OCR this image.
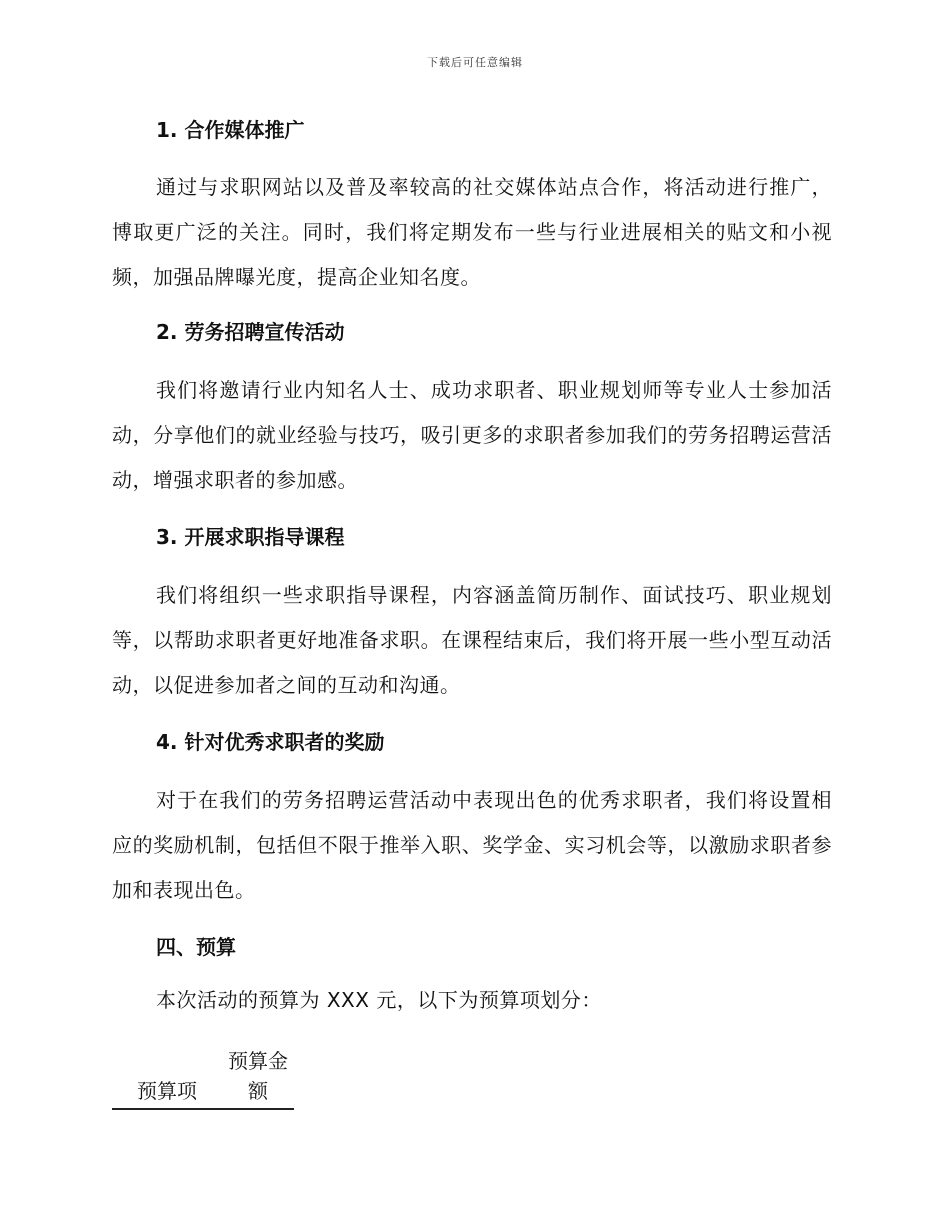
下载后可任意编辑
1. 合作媒体推广

通过与求职网站以及普及率较高的社交媒体站点合作，将活动进行推广，博取更广泛的关注。同时，我们将定期发布一些与行业进展相关的贴文和小视频，加强品牌曝光度，提高企业知名度。

2. 劳务招聘宣传活动

我们将邀请行业内知名人士、成功求职者、职业规划师等专业人士参加活动，分享他们的就业经验与技巧，吸引更多的求职者参加我们的劳务招聘运营活动，增强求职者的参加感。

3. 开展求职指导课程

我们将组织一些求职指导课程，内容涵盖简历制作、面试技巧、职业规划等，以帮助求职者更好地准备求职。在课程结束后，我们将开展一些小型互动活动，以促进参加者之间的互动和沟通。

4. 针对优秀求职者的奖励

对于在我们的劳务招聘运营活动中表现出色的优秀求职者，我们将设置相应的奖励机制，包括但不限于推举入职、奖学金、实习机会等，以激励求职者参加和表现出色。

四、预算

本次活动的预算为 XXX 元，以下为预算项划分：

预算项	预算金额
